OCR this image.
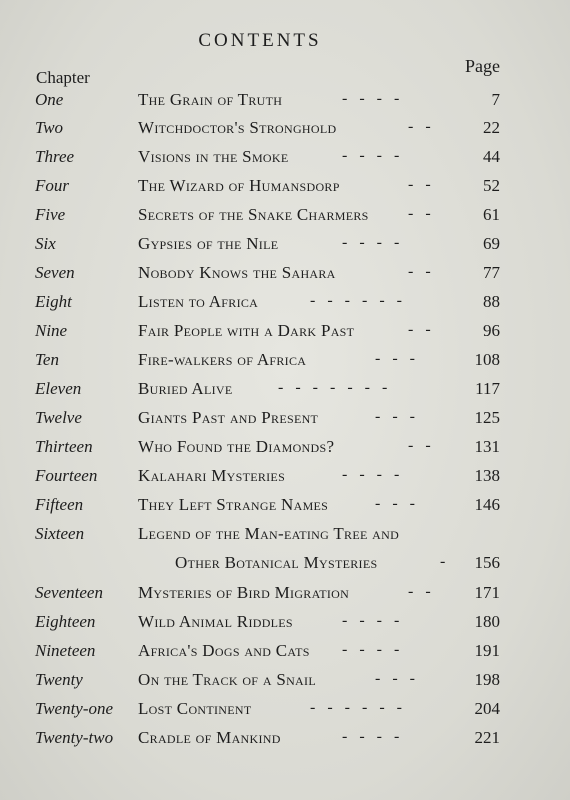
CONTENTS
Chapter
Page
One	The Grain of Truth	-   -   -   -	7
Two	Witchdoctor's Stronghold	-   -	22
Three	Visions in the Smoke	-   -   -   -	44
Four	The Wizard of Humansdorp	-   -	52
Five	Secrets of the Snake Charmers -   -	61
Six	Gypsies of the Nile	-   -   -   -	69
Seven	Nobody Knows the Sahara	-   -	77
Eight	Listen to Africa	-   -   -   -   -   -	88
Nine	Fair People with a Dark Past	-   -	96
Ten	Fire-walkers of Africa	-   -   -	108
Eleven	Buried Alive	-   -   -   -   -   -   -	117
Twelve	Giants Past and Present	-   -   -	125
Thirteen	Who Found the Diamonds?	-   -	131
Fourteen Kalahari Mysteries	-   -   -   -	138
Fifteen	They Left Strange Names	-   -   -	146
Sixteen	Legend of the Man-eating Tree and
Other Botanical Mysteries	- 156
Seventeen Mysteries of Bird Migration	-   -	171
Eighteen	Wild Animal Riddles	-   -   -   -	180
Nineteen	Africa's Dogs and Cats -   -   -   -	191
Twenty	On the Track of a Snail	-   -   -	198
Twenty-one Lost Continent	-   -   -   -   -   -	204
Twenty-two Cradle of Mankind	-   -   -   -	221
